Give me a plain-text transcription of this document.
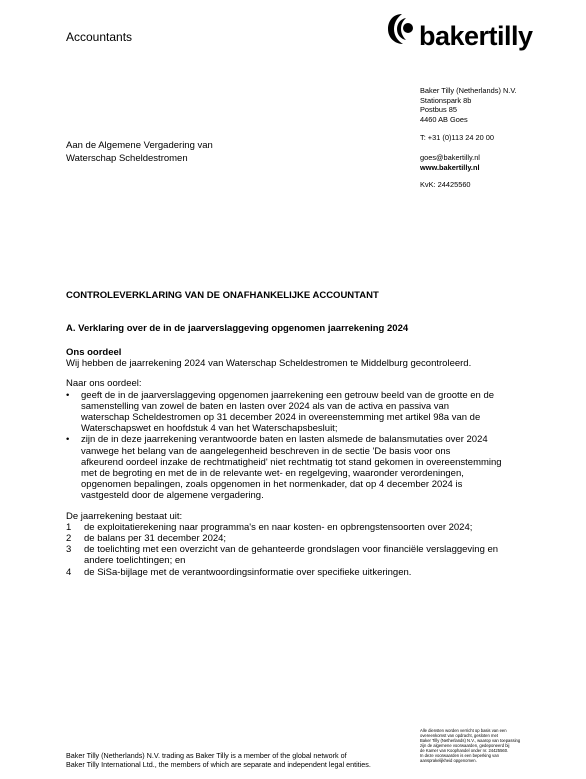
Accountants	bakertilly
Baker Tilly (Netherlands) N.V.
Stationspark 8b
Postbus 85
4460 AB Goes
T: +31 (0)113 24 20 00
goes@bakertilly.nl
www.bakertilly.nl
KvK: 24425560
Aan de Algemene Vergadering van
Waterschap Scheldestromen
CONTROLEVERKLARING VAN DE ONAFHANKELIJKE ACCOUNTANT
A. Verklaring over de in de jaarverslaggeving opgenomen jaarrekening 2024
Ons oordeel
Wij hebben de jaarrekening 2024 van Waterschap Scheldestromen te Middelburg gecontroleerd.
Naar ons oordeel:
•	geeft de in de jaarverslaggeving opgenomen jaarrekening een getrouw beeld van de grootte en de
samenstelling van zowel de baten en lasten over 2024 als van de activa en passiva van
waterschap Scheldestromen op 31 december 2024 in overeenstemming met artikel 98a van de
Waterschapswet en hoofdstuk 4 van het Waterschapsbesluit;
•	zijn de in deze jaarrekening verantwoorde baten en lasten alsmede de balansmutaties over 2024
vanwege het belang van de aangelegenheid beschreven in de sectie 'De basis voor ons
afkeurend oordeel inzake de rechtmatigheid' niet rechtmatig tot stand gekomen in overeenstemming
met de begroting en met de in de relevante wet- en regelgeving, waaronder verordeningen,
opgenomen bepalingen, zoals opgenomen in het normenkader, dat op 4 december 2024 is
vastgesteld door de algemene vergadering.
De jaarrekening bestaat uit:
1	de exploitatierekening naar programma's en naar kosten- en opbrengstensoorten over 2024;
2	de balans per 31 december 2024;
3	de toelichting met een overzicht van de gehanteerde grondslagen voor financiële verslaggeving en
andere toelichtingen; en
4	de SiSa-bijlage met de verantwoordingsinformatie over specifieke uitkeringen.
Alle diensten worden verricht op basis van een
overeenkomst van opdracht, gesloten met
Baker Tilly (Netherlands) N.V., waarop van toepassing
zijn de algemene voorwaarden, gedeponeerd bij
de Kamer van Koophandel onder nr. 24425560.
In deze voorwaarden is een beperking van
aansprakelijkheid opgenomen.
Baker Tilly (Netherlands) N.V. trading as Baker Tilly is a member of the global network of
Baker Tilly International Ltd., the members of which are separate and independent legal entities.
